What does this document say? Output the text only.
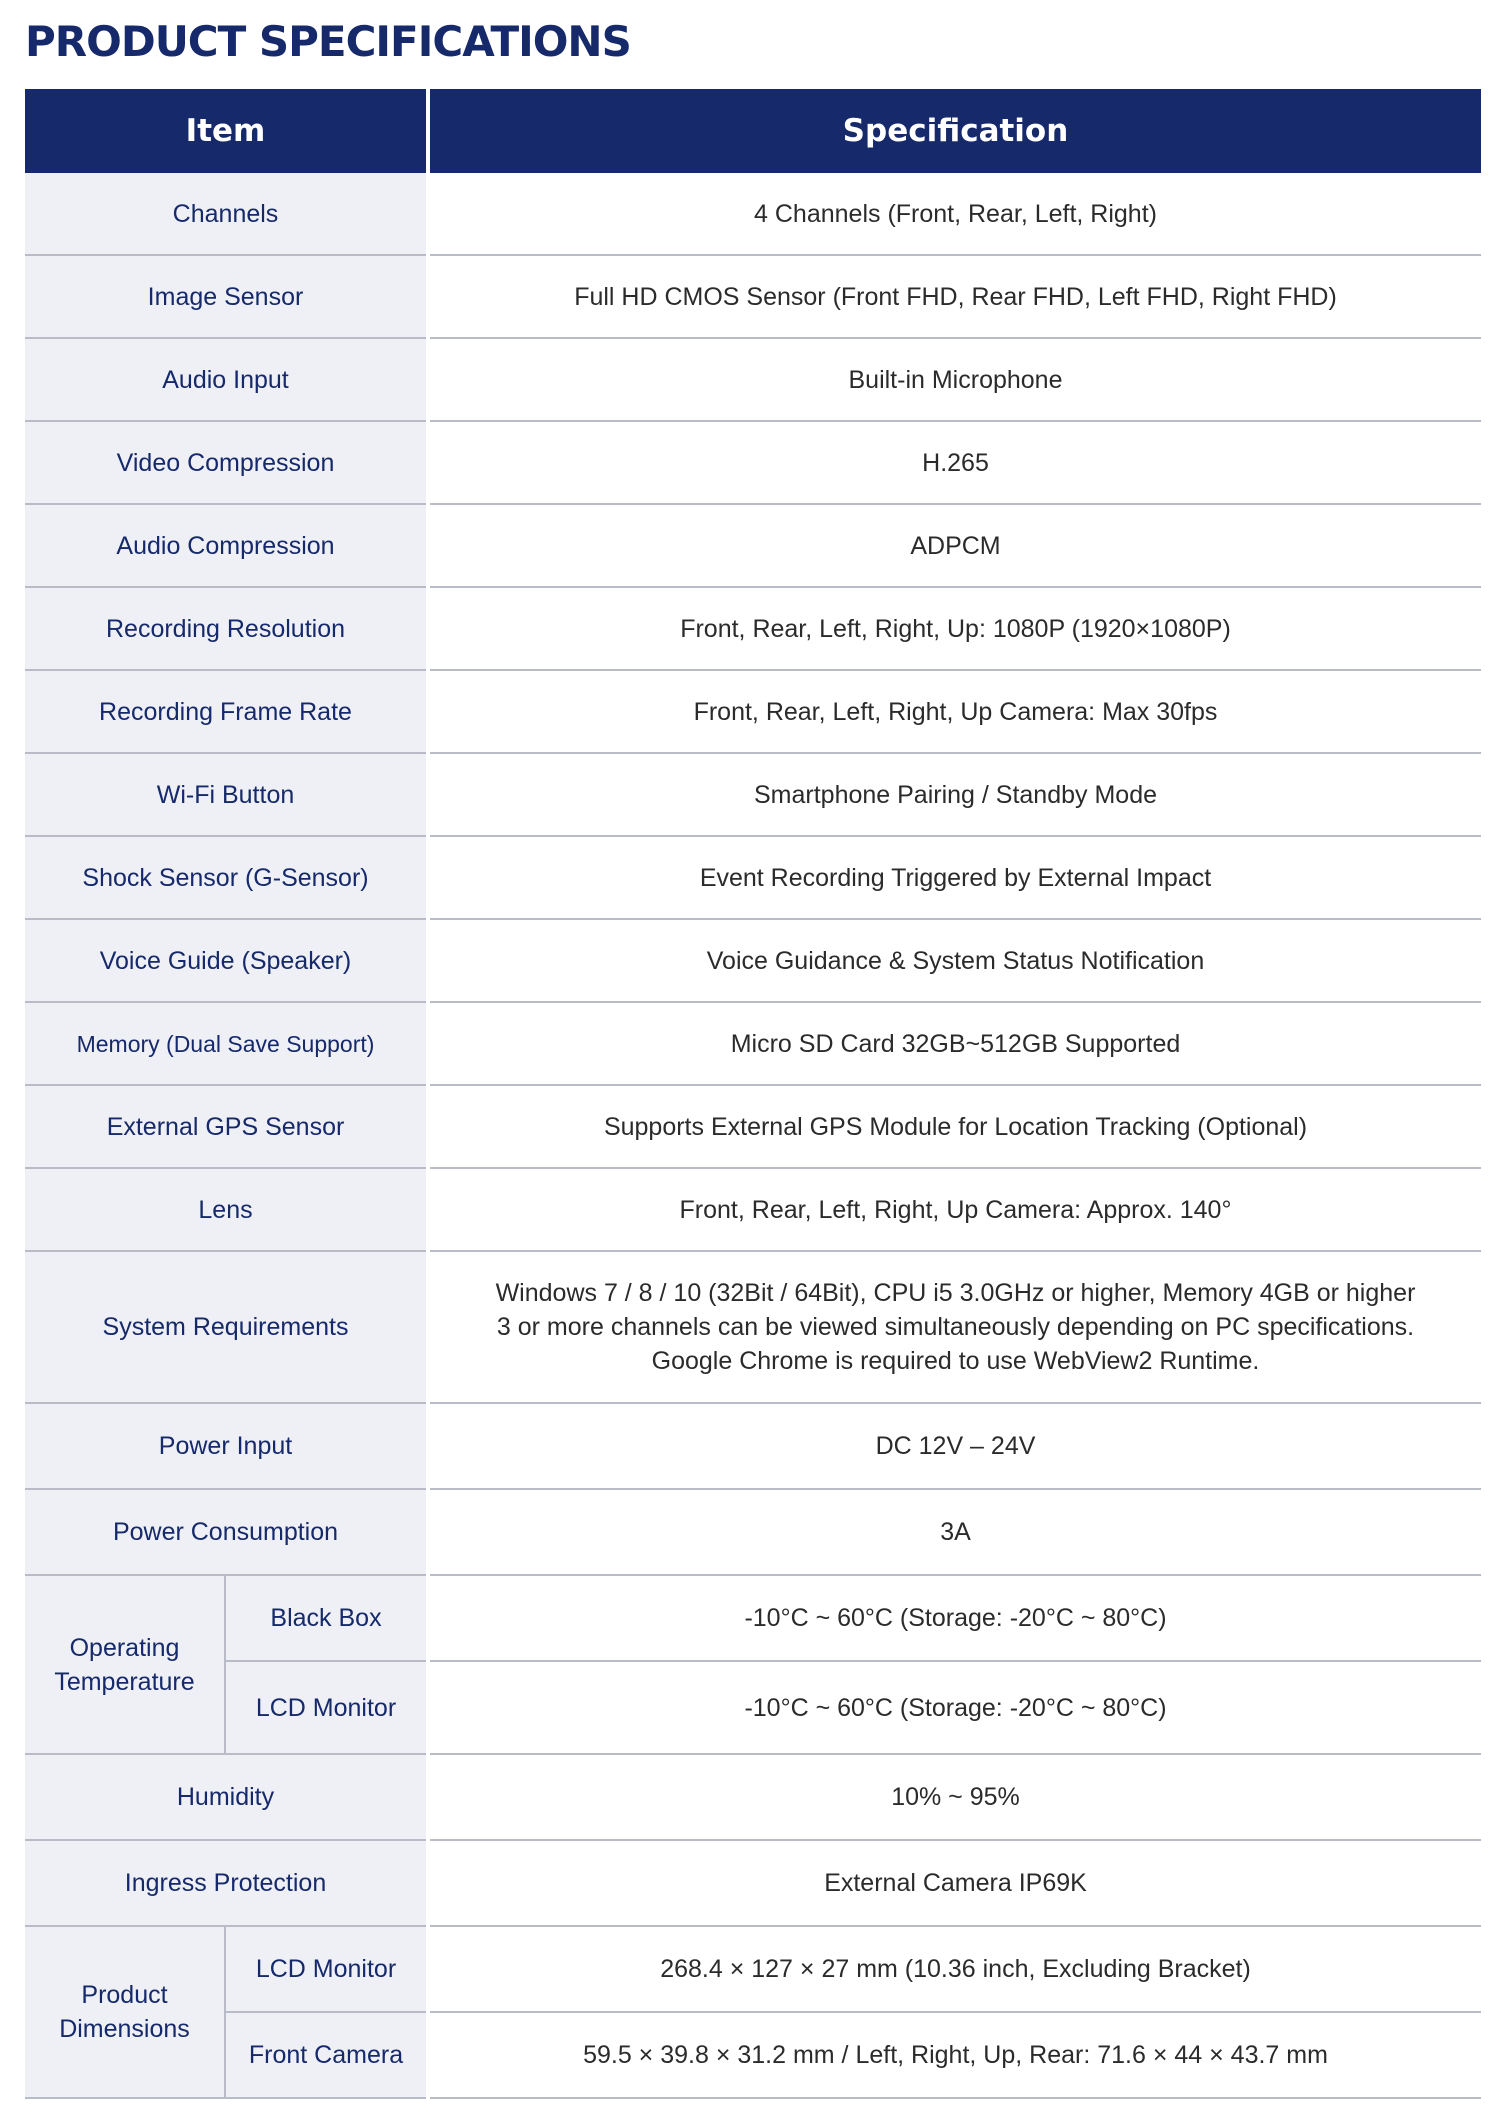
PRODUCT SPECIFICATIONS
Item		Specification
Channels		4 Channels (Front, Rear, Left, Right)
Image Sensor		Full HD CMOS Sensor (Front FHD, Rear FHD, Left FHD, Right FHD)
Audio Input		Built-in Microphone
Video Compression		H.265
Audio Compression		ADPCM
Recording Resolution		Front, Rear, Left, Right, Up: 1080P (1920×1080P)
Recording Frame Rate		Front, Rear, Left, Right, Up Camera: Max 30fps
Wi-Fi Button		Smartphone Pairing / Standby Mode
Shock Sensor (G-Sensor)		Event Recording Triggered by External Impact
Voice Guide (Speaker)		Voice Guidance & System Status Notification
Memory (Dual Save Support)		Micro SD Card 32GB~512GB Supported
External GPS Sensor		Supports External GPS Module for Location Tracking (Optional)
Lens		Front, Rear, Left, Right, Up Camera: Approx. 140°
System Requirements		Windows 7 / 8 / 10 (32Bit / 64Bit), CPU i5 3.0GHz or higher, Memory 4GB or higher
3 or more channels can be viewed simultaneously depending on PC specifications.
Google Chrome is required to use WebView2 Runtime.

Power Input		DC 12V – 24V
Power Consumption		3A

Operating
Temperature	Black Box	-10°C ~ 60°C (Storage: -20°C ~ 80°C)
	LCD Monitor	-10°C ~ 60°C (Storage: -20°C ~ 80°C)
Humidity		10% ~ 95%
Ingress Protection		External Camera IP69K

Product
Dimensions	LCD Monitor	268.4 × 127 × 27 mm (10.36 inch, Excluding Bracket)
	Front Camera	59.5 × 39.8 × 31.2 mm / Left, Right, Up, Rear: 71.6 × 44 × 43.7 mm
